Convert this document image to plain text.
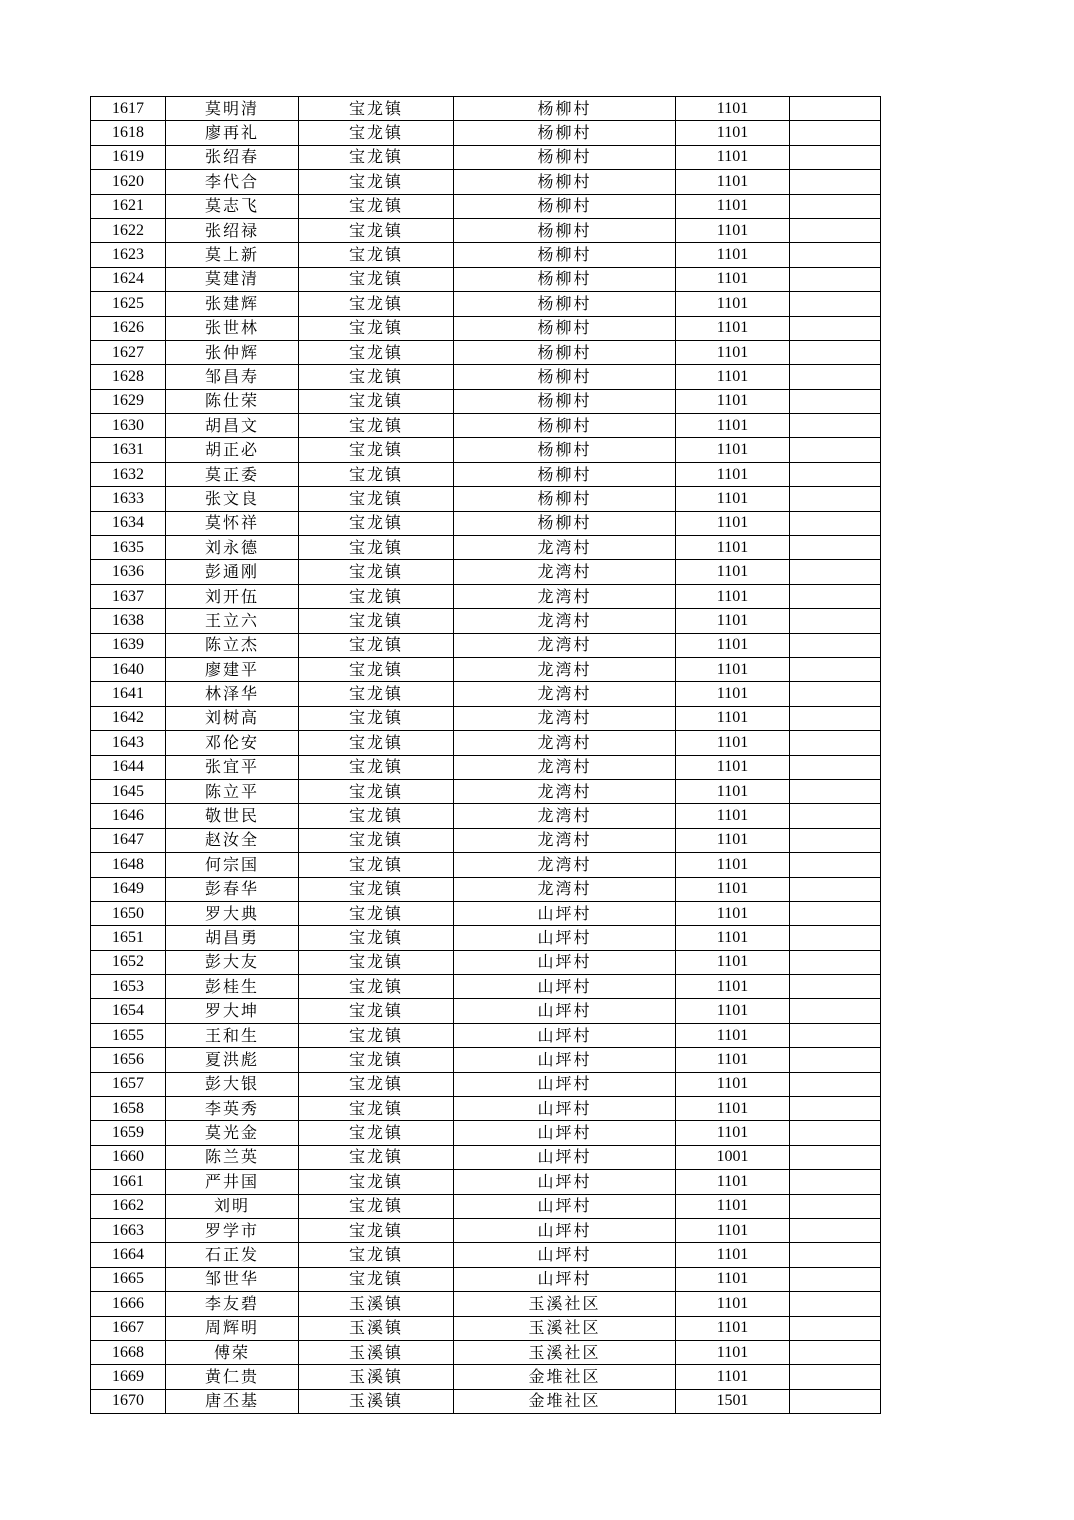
1617	莫明清	宝龙镇	杨柳村	1101	
1618	廖再礼	宝龙镇	杨柳村	1101	
1619	张绍春	宝龙镇	杨柳村	1101	
1620	李代合	宝龙镇	杨柳村	1101	
1621	莫志飞	宝龙镇	杨柳村	1101	
1622	张绍禄	宝龙镇	杨柳村	1101	
1623	莫上新	宝龙镇	杨柳村	1101	
1624	莫建清	宝龙镇	杨柳村	1101	
1625	张建辉	宝龙镇	杨柳村	1101	
1626	张世林	宝龙镇	杨柳村	1101	
1627	张仲辉	宝龙镇	杨柳村	1101	
1628	邹昌寿	宝龙镇	杨柳村	1101	
1629	陈仕荣	宝龙镇	杨柳村	1101	
1630	胡昌文	宝龙镇	杨柳村	1101	
1631	胡正必	宝龙镇	杨柳村	1101	
1632	莫正委	宝龙镇	杨柳村	1101	
1633	张文良	宝龙镇	杨柳村	1101	
1634	莫怀祥	宝龙镇	杨柳村	1101	
1635	刘永德	宝龙镇	龙湾村	1101	
1636	彭通刚	宝龙镇	龙湾村	1101	
1637	刘开伍	宝龙镇	龙湾村	1101	
1638	王立六	宝龙镇	龙湾村	1101	
1639	陈立杰	宝龙镇	龙湾村	1101	
1640	廖建平	宝龙镇	龙湾村	1101	
1641	林泽华	宝龙镇	龙湾村	1101	
1642	刘树高	宝龙镇	龙湾村	1101	
1643	邓伦安	宝龙镇	龙湾村	1101	
1644	张宜平	宝龙镇	龙湾村	1101	
1645	陈立平	宝龙镇	龙湾村	1101	
1646	敬世民	宝龙镇	龙湾村	1101	
1647	赵汝全	宝龙镇	龙湾村	1101	
1648	何宗国	宝龙镇	龙湾村	1101	
1649	彭春华	宝龙镇	龙湾村	1101	
1650	罗大典	宝龙镇	山坪村	1101	
1651	胡昌勇	宝龙镇	山坪村	1101	
1652	彭大友	宝龙镇	山坪村	1101	
1653	彭桂生	宝龙镇	山坪村	1101	
1654	罗大坤	宝龙镇	山坪村	1101	
1655	王和生	宝龙镇	山坪村	1101	
1656	夏洪彪	宝龙镇	山坪村	1101	
1657	彭大银	宝龙镇	山坪村	1101	
1658	李英秀	宝龙镇	山坪村	1101	
1659	莫光金	宝龙镇	山坪村	1101	
1660	陈兰英	宝龙镇	山坪村	1001	
1661	严井国	宝龙镇	山坪村	1101	
1662	刘明	宝龙镇	山坪村	1101	
1663	罗学市	宝龙镇	山坪村	1101	
1664	石正发	宝龙镇	山坪村	1101	
1665	邹世华	宝龙镇	山坪村	1101	
1666	李友碧	玉溪镇	玉溪社区	1101	
1667	周辉明	玉溪镇	玉溪社区	1101	
1668	傅荣	玉溪镇	玉溪社区	1101	
1669	黄仁贵	玉溪镇	金堆社区	1101	
1670	唐丕基	玉溪镇	金堆社区	1501	
